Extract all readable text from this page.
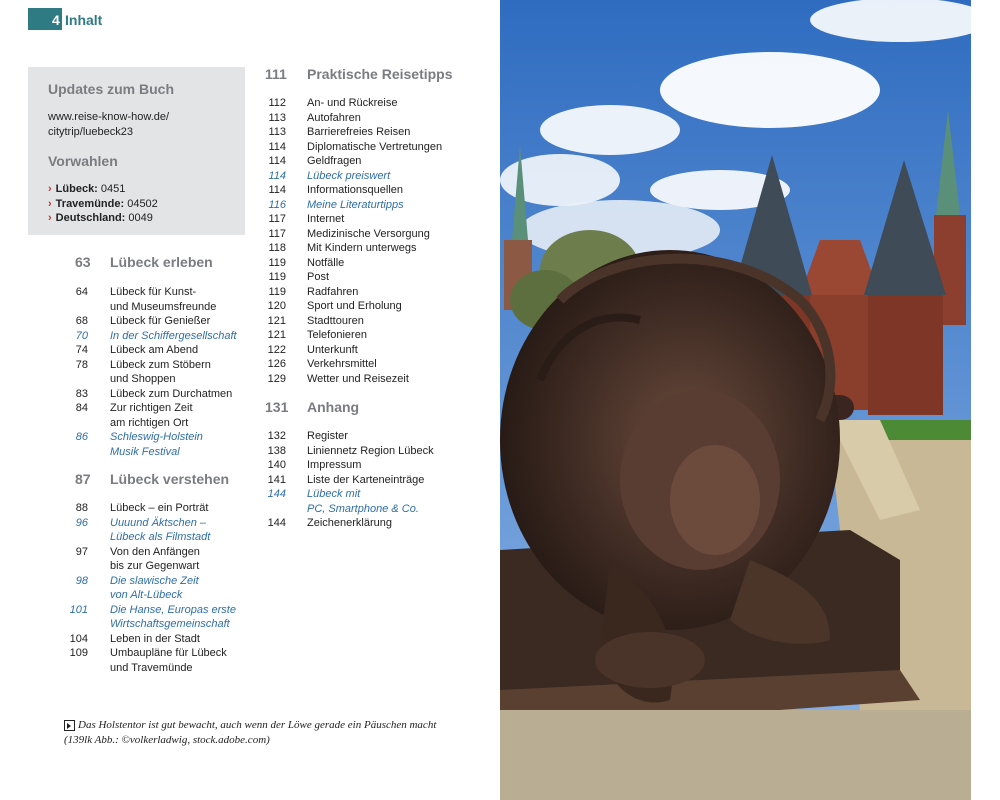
4 Inhalt
Updates zum Buch
www.reise-know-how.de/
citytrip/luebeck23
Vorwahlen
› Lübeck: 0451
› Travemünde: 04502
› Deutschland: 0049
63 Lübeck erleben
64 Lübeck für Kunst-
und Museumsfreunde
68 Lübeck für Genießer
70 In der Schiffergesellschaft
74 Lübeck am Abend
78 Lübeck zum Stöbern
und Shoppen
83 Lübeck zum Durchatmen
84 Zur richtigen Zeit
am richtigen Ort
86 Schleswig-Holstein
Musik Festival
87 Lübeck verstehen
88 Lübeck – ein Porträt
96 Uuuund Äktschen –
Lübeck als Filmstadt
97 Von den Anfängen
bis zur Gegenwart
98 Die slawische Zeit
von Alt-Lübeck
101 Die Hanse, Europas erste
Wirtschaftsgemeinschaft
104 Leben in der Stadt
109 Umbaupläne für Lübeck
und Travemünde
111 Praktische Reisetipps
112 An- und Rückreise
113 Autofahren
113 Barrierefreies Reisen
114 Diplomatische Vertretungen
114 Geldfragen
114 Lübeck preiswert
114 Informationsquellen
116 Meine Literaturtipps
117 Internet
117 Medizinische Versorgung
118 Mit Kindern unterwegs
119 Notfälle
119 Post
119 Radfahren
120 Sport und Erholung
121 Stadttouren
121 Telefonieren
122 Unterkunft
126 Verkehrsmittel
129 Wetter und Reisezeit
131 Anhang
132 Register
138 Liniennetz Region Lübeck
140 Impressum
141 Liste der Karteneinträge
144 Lübeck mit
PC, Smartphone & Co.
144 Zeichenerklärung
Das Holstentor ist gut bewacht, auch wenn der Löwe gerade ein Päuschen macht (139lk Abb.: ©volkerladwig, stock.adobe.com)
